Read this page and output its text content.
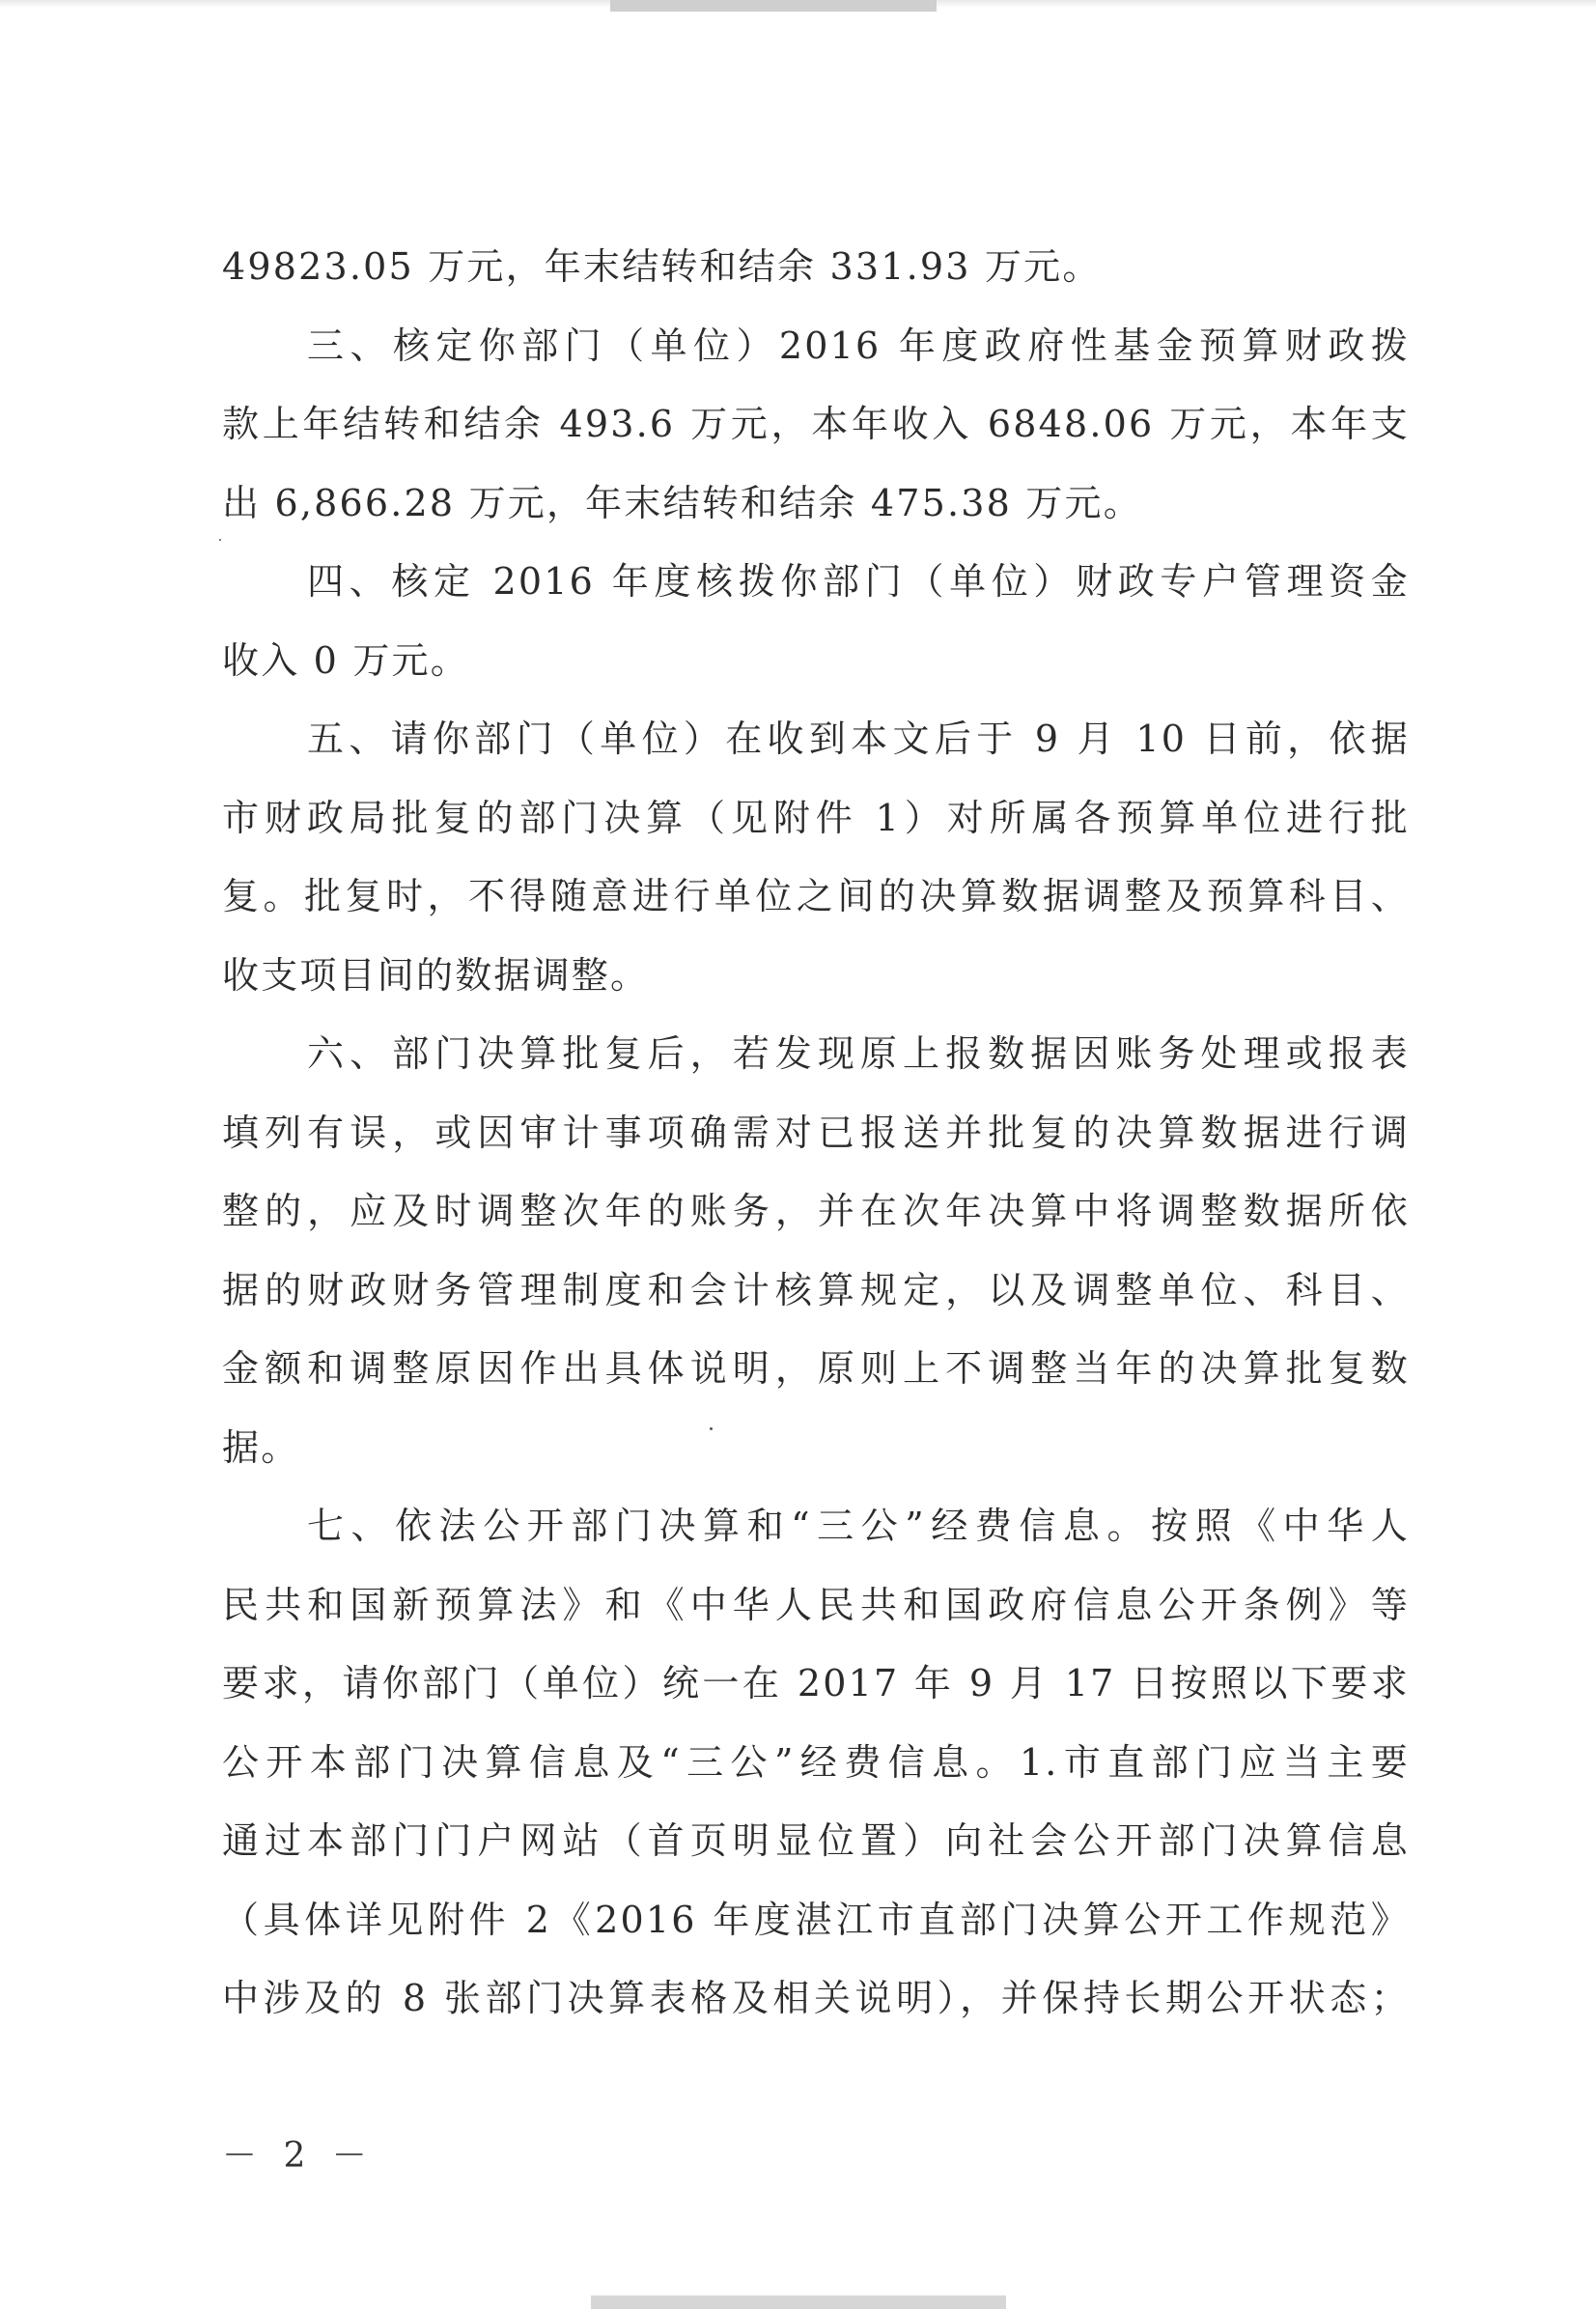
49823.05 万元，年末结转和结余 331.93 万元。
三、核定你部门（单位）2016 年度政府性基金预算财政拨
款上年结转和结余 493.6 万元，本年收入 6848.06 万元，本年支
出 6,866.28 万元，年末结转和结余 475.38 万元。
四、核定 2016 年度核拨你部门（单位）财政专户管理资金
收入 0 万元。
五、请你部门（单位）在收到本文后于 9 月 10 日前，依据
市财政局批复的部门决算（见附件 1）对所属各预算单位进行批
复。批复时，不得随意进行单位之间的决算数据调整及预算科目、
收支项目间的数据调整。
六、部门决算批复后，若发现原上报数据因账务处理或报表
填列有误，或因审计事项确需对已报送并批复的决算数据进行调
整的，应及时调整次年的账务，并在次年决算中将调整数据所依
据的财政财务管理制度和会计核算规定，以及调整单位、科目、
金额和调整原因作出具体说明，原则上不调整当年的决算批复数
据。
七、依法公开部门决算和“三公”经费信息。按照《中华人
民共和国新预算法》和《中华人民共和国政府信息公开条例》等
要求，请你部门（单位）统一在 2017 年 9 月 17 日按照以下要求
公开本部门决算信息及“三公”经费信息。1.市直部门应当主要
通过本部门门户网站（首页明显位置）向社会公开部门决算信息
（具体详见附件 2《2016 年度湛江市直部门决算公开工作规范》
中涉及的 8 张部门决算表格及相关说明），并保持长期公开状态；
－ 2 －
